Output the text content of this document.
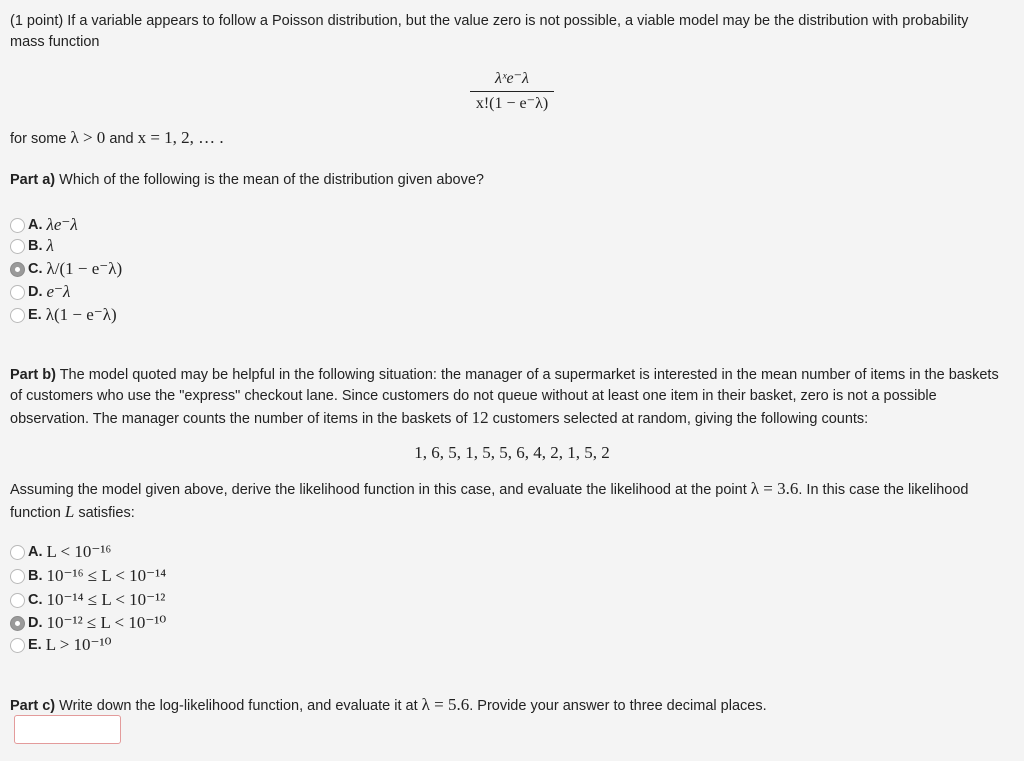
(1 point) If a variable appears to follow a Poisson distribution, but the value zero is not possible, a viable model may be the distribution with probability mass function
λˣe⁻λ
x!(1 − e⁻λ)
for some λ > 0 and x = 1, 2, … .
Part a) Which of the following is the mean of the distribution given above?
A. λe⁻λ
B. λ
C. λ/(1 − e⁻λ)
D. e⁻λ
E. λ(1 − e⁻λ)
Part b) The model quoted may be helpful in the following situation: the manager of a supermarket is interested in the mean number of items in the baskets of customers who use the "express" checkout lane. Since customers do not queue without at least one item in their basket, zero is not a possible observation. The manager counts the number of items in the baskets of 12 customers selected at random, giving the following counts:
1, 6, 5, 1, 5, 5, 6, 4, 2, 1, 5, 2
Assuming the model given above, derive the likelihood function in this case, and evaluate the likelihood at the point λ = 3.6. In this case the likelihood function L satisfies:
A. L < 10⁻¹⁶
B. 10⁻¹⁶ ≤ L < 10⁻¹⁴
C. 10⁻¹⁴ ≤ L < 10⁻¹²
D. 10⁻¹² ≤ L < 10⁻¹⁰
E. L > 10⁻¹⁰
Part c) Write down the log-likelihood function, and evaluate it at λ = 5.6. Provide your answer to three decimal places.
